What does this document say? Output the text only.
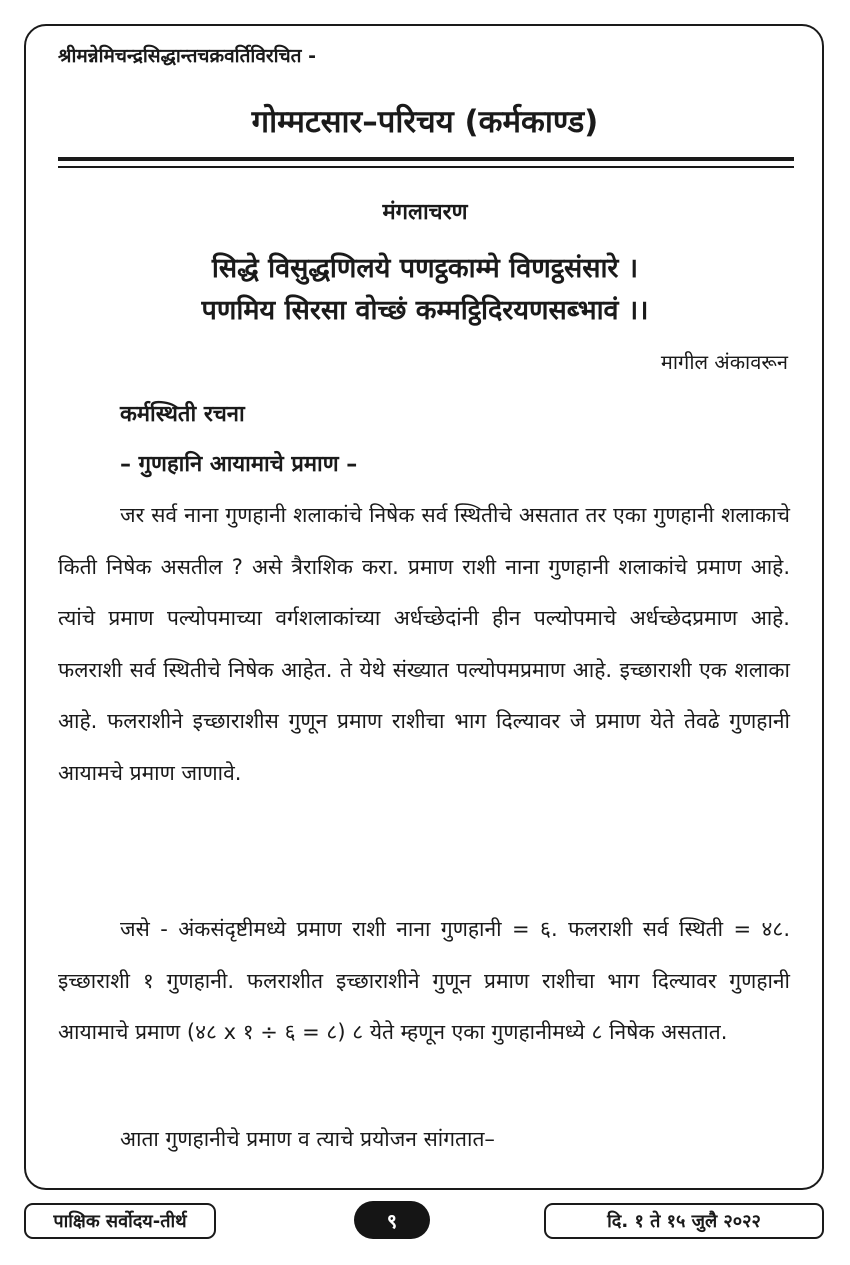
श्रीमन्नेमिचन्द्रसिद्धान्तचक्रवर्तिविरचित -
गोम्मटसार–परिचय (कर्मकाण्ड)
मंगलाचरण
सिद्धे विसुद्धणिलये पणट्ठकाम्मे विणट्ठसंसारे ।
पणमिय सिरसा वोच्छं कम्मट्ठिदिरयणसब्भावं ।।
मागील अंकावरून
कर्मस्थिती रचना
– गुणहानि आयामाचे प्रमाण –
जर सर्व नाना गुणहानी शलाकांचे निषेक सर्व स्थितीचे असतात तर एका गुणहानी शलाकाचे किती निषेक असतील ? असे त्रैराशिक करा. प्रमाण राशी नाना गुणहानी शलाकांचे प्रमाण आहे. त्यांचे प्रमाण पल्योपमाच्या वर्गशलाकांच्या अर्धच्छेदांनी हीन पल्योपमाचे अर्धच्छेदप्रमाण आहे. फलराशी सर्व स्थितीचे निषेक आहेत. ते येथे संख्यात पल्योपमप्रमाण आहे. इच्छाराशी एक शलाका आहे. फलराशीने इच्छाराशीस गुणून प्रमाण राशीचा भाग दिल्यावर जे प्रमाण येते तेवढे गुणहानी आयामचे प्रमाण जाणावे.
जसे - अंकसंदृष्टीमध्ये प्रमाण राशी नाना गुणहानी = ६. फलराशी सर्व स्थिती = ४८. इच्छाराशी १ गुणहानी. फलराशीत इच्छाराशीने गुणून प्रमाण राशीचा भाग दिल्यावर गुणहानी आयामाचे प्रमाण (४८ x १ ÷ ६ = ८) ८ येते म्हणून एका गुणहानीमध्ये ८ निषेक असतात.
आता गुणहानीचे प्रमाण व त्याचे प्रयोजन सांगतात–
पाक्षिक सर्वोदय-तीर्थ	९	दि. १ ते १५ जुलै २०२२
